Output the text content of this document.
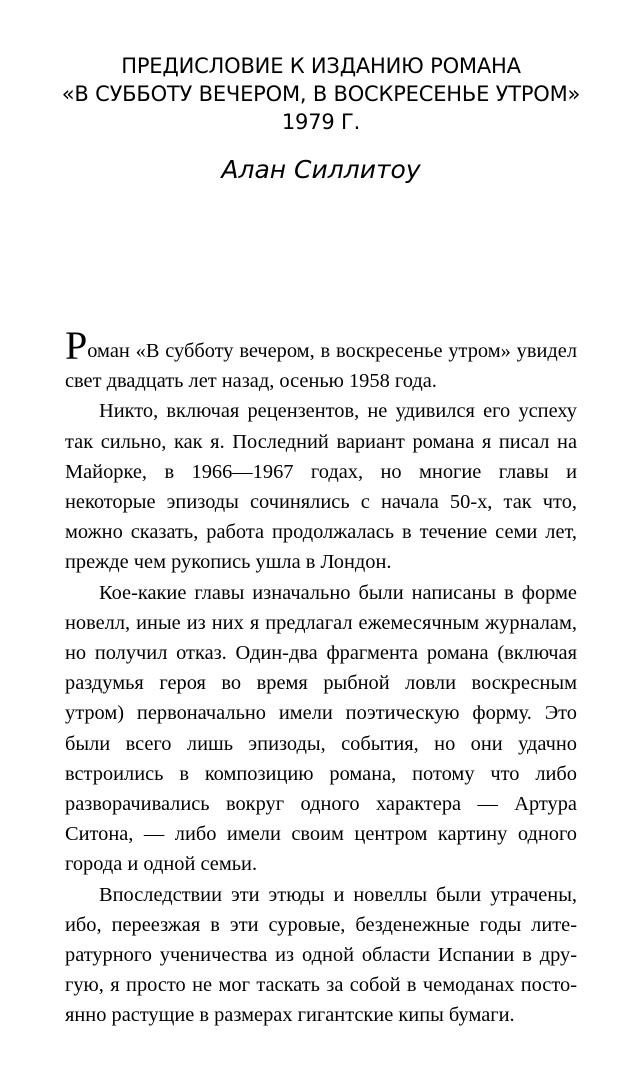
ПРЕДИСЛОВИЕ К ИЗДАНИЮ РОМАНА
«В СУББОТУ ВЕЧЕРОМ, В ВОСКРЕСЕНЬЕ УТРОМ»
1979 Г.
Алан Силлитоу

Роман «В субботу вечером, в воскресенье утром» увидел свет двадцать лет назад, осенью 1958 года.

Никто, включая рецензентов, не удивился его успеху так сильно, как я. Последний вариант романа я писал на Майорке, в 1966—1967 годах, но многие главы и некоторые эпизоды сочинялись с начала 50-х, так что, можно сказать, работа продолжалась в течение семи лет, прежде чем рукопись ушла в Лондон.

Кое-какие главы изначально были написаны в форме новелл, иные из них я предлагал ежемесячным журналам, но получил отказ. Один-два фрагмента романа (включая раздумья героя во время рыбной ловли воскресным утром) первоначально имели поэтическую форму. Это были всего лишь эпизоды, события, но они удачно встроились в композицию романа, потому что либо разворачивались вокруг одного характера — Артура Ситона, — либо имели своим центром картину одного города и одной семьи.

Впоследствии эти этюды и новеллы были утрачены, ибо, переезжая в эти суровые, безденежные годы литературного ученичества из одной области Испании в другую, я просто не мог таскать за собой в чемоданах постоянно растущие в размерах гигантские кипы бумаги.
